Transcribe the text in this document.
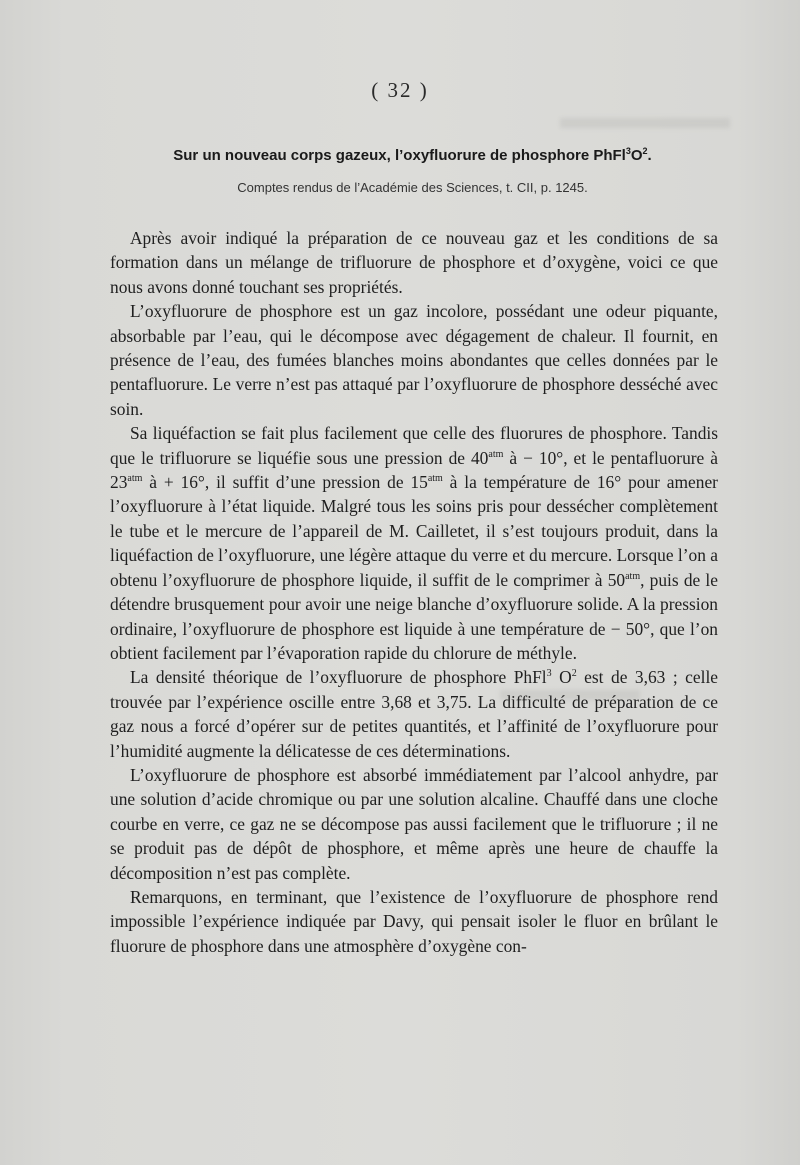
( 32 )
Sur un nouveau corps gazeux, l’oxyfluorure de phosphore $PhFl^3O^2$.
Comptes rendus de l’Académie des Sciences, t. CII, p. 1245.

Après avoir indiqué la préparation de ce nouveau gaz et les conditions de sa formation dans un mélange de trifluorure de phosphore et d’oxygène, voici ce que nous avons donné touchant ses propriétés.

L’oxyfluorure de phosphore est un gaz incolore, possédant une odeur piquante, absorbable par l’eau, qui le décompose avec dégagement de chaleur. Il fournit, en présence de l’eau, des fumées blanches moins abondantes que celles données par le pentafluorure. Le verre n’est pas attaqué par l’oxyfluorure de phosphore desséché avec soin.

Sa liquéfaction se fait plus facilement que celle des fluorures de phosphore. Tandis que le trifluorure se liquéfie sous une pression de $40^{atm}$ à − 10°, et le pentafluorure à $23^{atm}$ à + 16°, il suffit d’une pression de $15^{atm}$ à la température de 16° pour amener l’oxyfluorure à l’état liquide. Malgré tous les soins pris pour dessécher complètement le tube et le mercure de l’appareil de M. Cailletet, il s’est toujours produit, dans la liquéfaction de l’oxyfluorure, une légère attaque du verre et du mercure. Lorsque l’on a obtenu l’oxyfluorure de phosphore liquide, il suffit de le comprimer à $50^{atm}$, puis de le détendre brusquement pour avoir une neige blanche d’oxyfluorure solide. A la pression ordinaire, l’oxyfluorure de phosphore est liquide à une température de − 50°, que l’on obtient facilement par l’évaporation rapide du chlorure de méthyle.

La densité théorique de l’oxyfluorure de phosphore PhFl$^3$ $O^2$ est de 3,63 ; celle trouvée par l’expérience oscille entre 3,68 et 3,75. La difficulté de préparation de ce gaz nous a forcé d’opérer sur de petites quantités, et l’affinité de l’oxyfluorure pour l’humidité augmente la délicatesse de ces déterminations.

L’oxyfluorure de phosphore est absorbé immédiatement par l’alcool anhydre, par une solution d’acide chromique ou par une solution alcaline. Chauffé dans une cloche courbe en verre, ce gaz ne se décompose pas aussi facilement que le trifluorure ; il ne se produit pas de dépôt de phosphore, et même après une heure de chauffe la décomposition n’est pas complète.

Remarquons, en terminant, que l’existence de l’oxyfluorure de phosphore rend impossible l’expérience indiquée par Davy, qui pensait isoler le fluor en brûlant le fluorure de phosphore dans une atmosphère d’oxygène con-
